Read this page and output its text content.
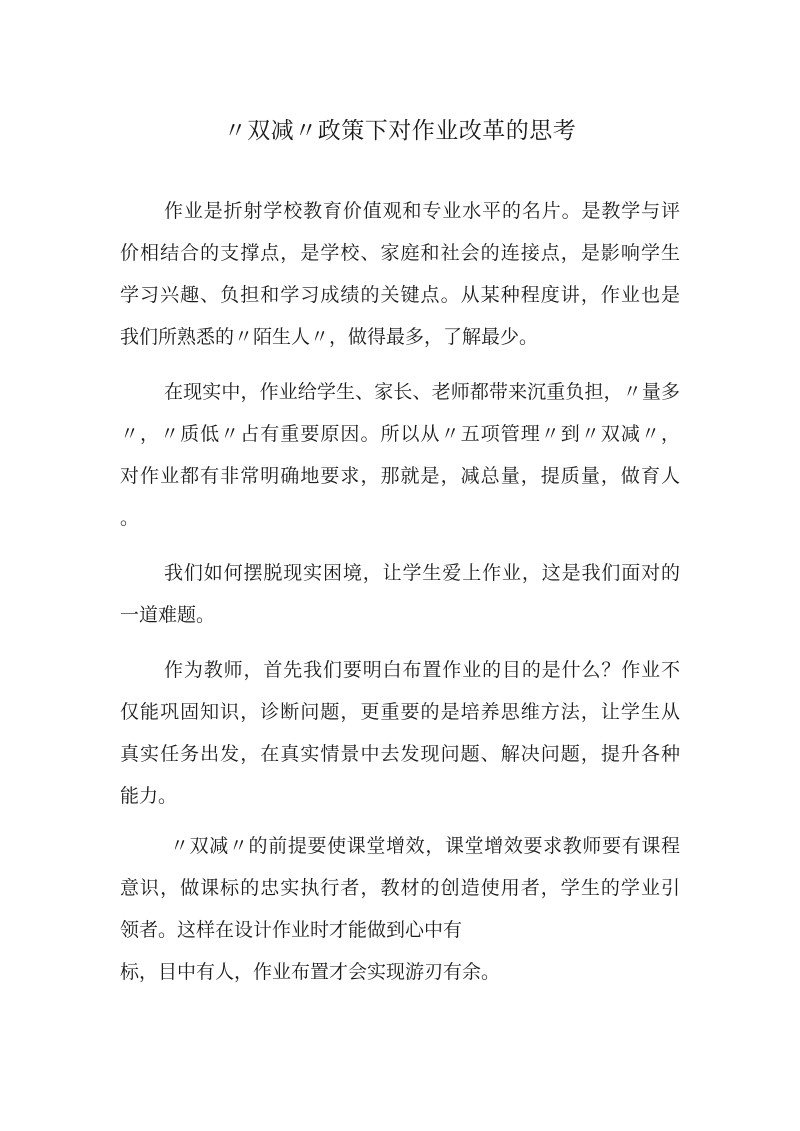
〃双减〃政策下对作业改革的思考
作业是折射学校教育价值观和专业水平的名片。是教学与评
价相结合的支撑点，是学校、家庭和社会的连接点，是影响学生
学习兴趣、负担和学习成绩的关键点。从某种程度讲，作业也是
我们所熟悉的〃陌生人〃，做得最多，了解最少。
在现实中，作业给学生、家长、老师都带来沉重负担，〃量多
〃，〃质低〃占有重要原因。所以从〃五项管理〃到〃双减〃，
对作业都有非常明确地要求，那就是，减总量，提质量，做育人
。
我们如何摆脱现实困境，让学生爱上作业，这是我们面对的
一道难题。
作为教师，首先我们要明白布置作业的目的是什么？作业不
仅能巩固知识，诊断问题，更重要的是培养思维方法，让学生从
真实任务出发，在真实情景中去发现问题、解决问题，提升各种
能力。
〃双减〃的前提要使课堂增效，课堂增效要求教师要有课程
意识，做课标的忠实执行者，教材的创造使用者，学生的学业引
领者。这样在设计作业时才能做到心中有
标，目中有人，作业布置才会实现游刃有余。
